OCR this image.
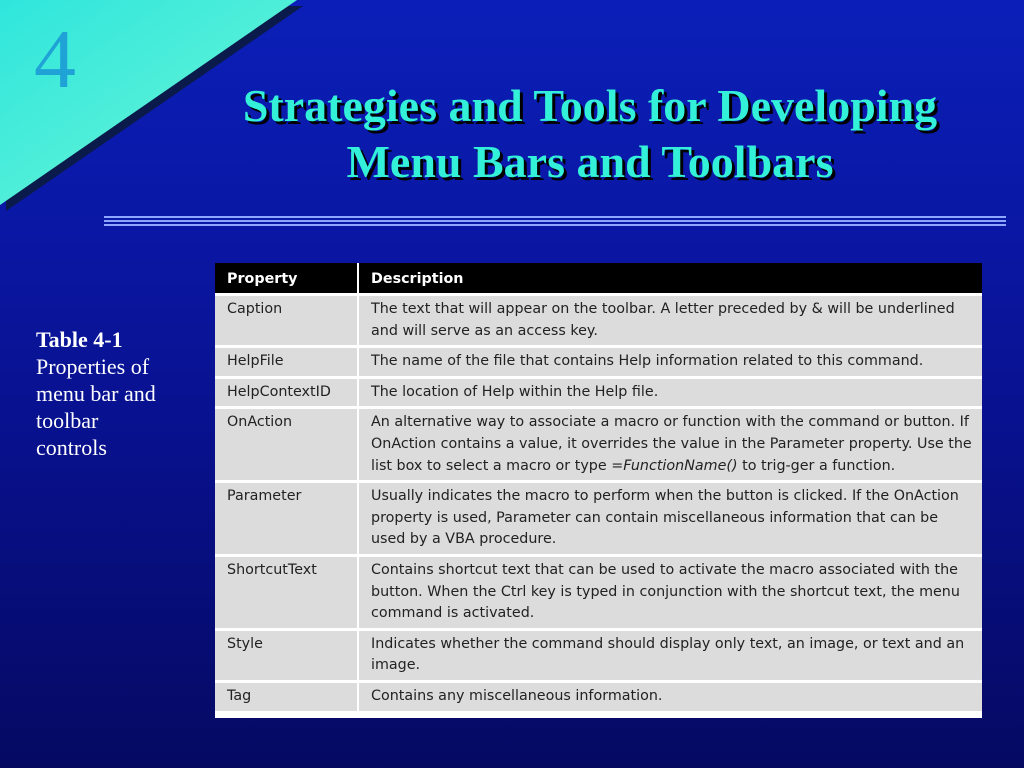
4	Strategies and Tools for Developing
Menu Bars and Toolbars
Table 4-1
Properties of menu bar and toolbar controls
Property	Description
Caption	The text that will appear on the toolbar. A letter preceded by & will be underlined and will serve as an access key.
HelpFile	The name of the file that contains Help information related to this command.
HelpContextID	The location of Help within the Help file.
OnAction	An alternative way to associate a macro or function with the command or button. If OnAction contains a value, it overrides the value in the Parameter property. Use the list box to select a macro or type =FunctionName() to trig-ger a function.
Parameter	Usually indicates the macro to perform when the button is clicked. If the OnAction property is used, Parameter can contain miscellaneous information that can be used by a VBA procedure.
ShortcutText	Contains shortcut text that can be used to activate the macro associated with the button. When the Ctrl key is typed in conjunction with the shortcut text, the menu command is activated.
Style	Indicates whether the command should display only text, an image, or text and an image.
Tag	Contains any miscellaneous information.
